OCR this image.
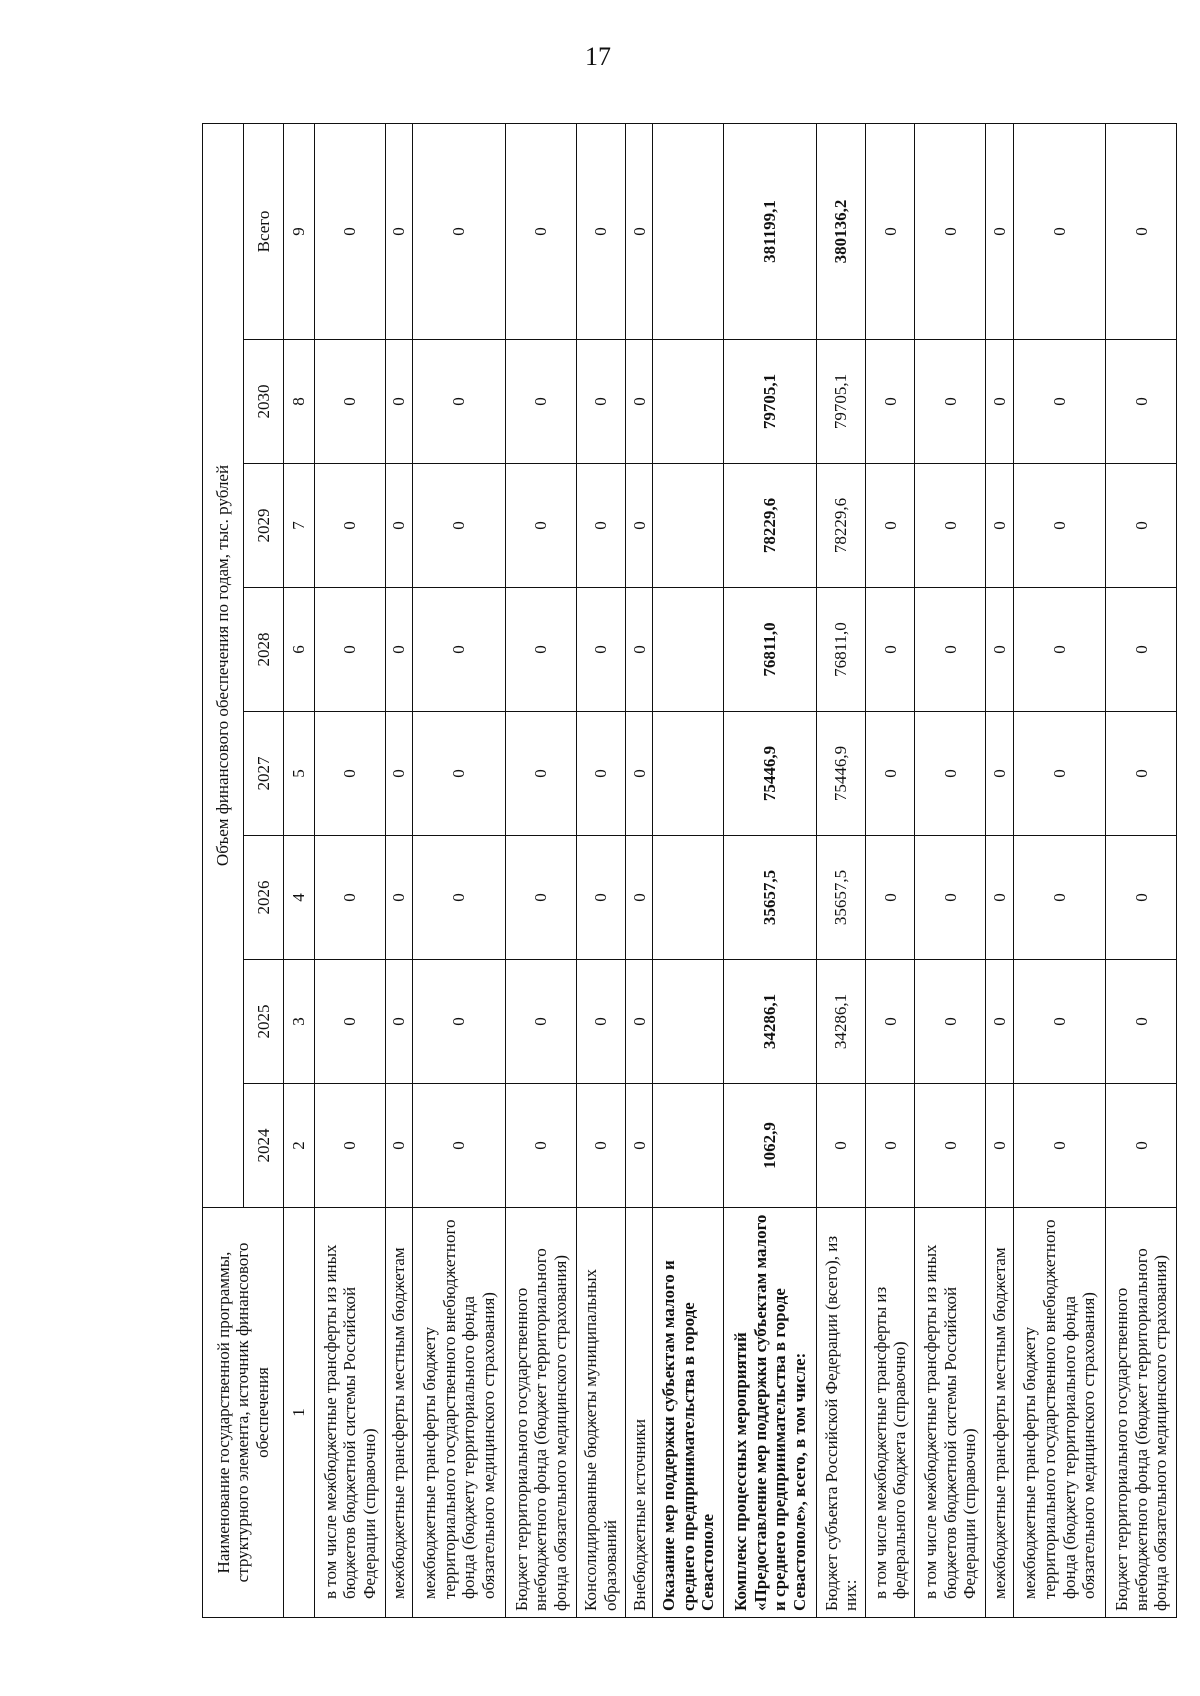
17
Наименование государственной программы, структурного элемента, источник финансового обеспечения	Объем финансового обеспечения по годам, тыс. рублей							
	2024	2025	2026	2027	2028	2029	2030	Всего
1	2	3	4	5	6	7	8	9
в том числе межбюджетные трансферты из иных бюджетов бюджетной системы Российской Федерации (справочно)	0	0	0	0	0	0	0	0
межбюджетные трансферты местным бюджетам	0	0	0	0	0	0	0	0
межбюджетные трансферты бюджету территориального государственного внебюджетного фонда (бюджету территориального фонда обязательного медицинского страхования)	0	0	0	0	0	0	0	0
Бюджет территориального государственного внебюджетного фонда (бюджет территориального фонда обязательного медицинского страхования)	0	0	0	0	0	0	0	0
Консолидированные бюджеты муниципальных образований	0	0	0	0	0	0	0	0
Внебюджетные источники	0	0	0	0	0	0	0	0
Оказание мер поддержки субъектам малого и среднего предпринимательства в городе Севастополе								
Комплекс процессных мероприятий «Предоставление мер поддержки субъектам малого и среднего предпринимательства в городе Севастополе», всего, в том числе:	1062,9	34286,1	35657,5	75446,9	76811,0	78229,6	79705,1	381199,1
Бюджет субъекта Российской Федерации (всего), из них:	0	34286,1	35657,5	75446,9	76811,0	78229,6	79705,1	380136,2
в том числе межбюджетные трансферты из федерального бюджета (справочно)	0	0	0	0	0	0	0	0
в том числе межбюджетные трансферты из иных бюджетов бюджетной системы Российской Федерации (справочно)	0	0	0	0	0	0	0	0
межбюджетные трансферты местным бюджетам	0	0	0	0	0	0	0	0
межбюджетные трансферты бюджету территориального государственного внебюджетного фонда (бюджету территориального фонда обязательного медицинского страхования)	0	0	0	0	0	0	0	0
Бюджет территориального государственного внебюджетного фонда (бюджет территориального фонда обязательного медицинского страхования)	0	0	0	0	0	0	0	0
